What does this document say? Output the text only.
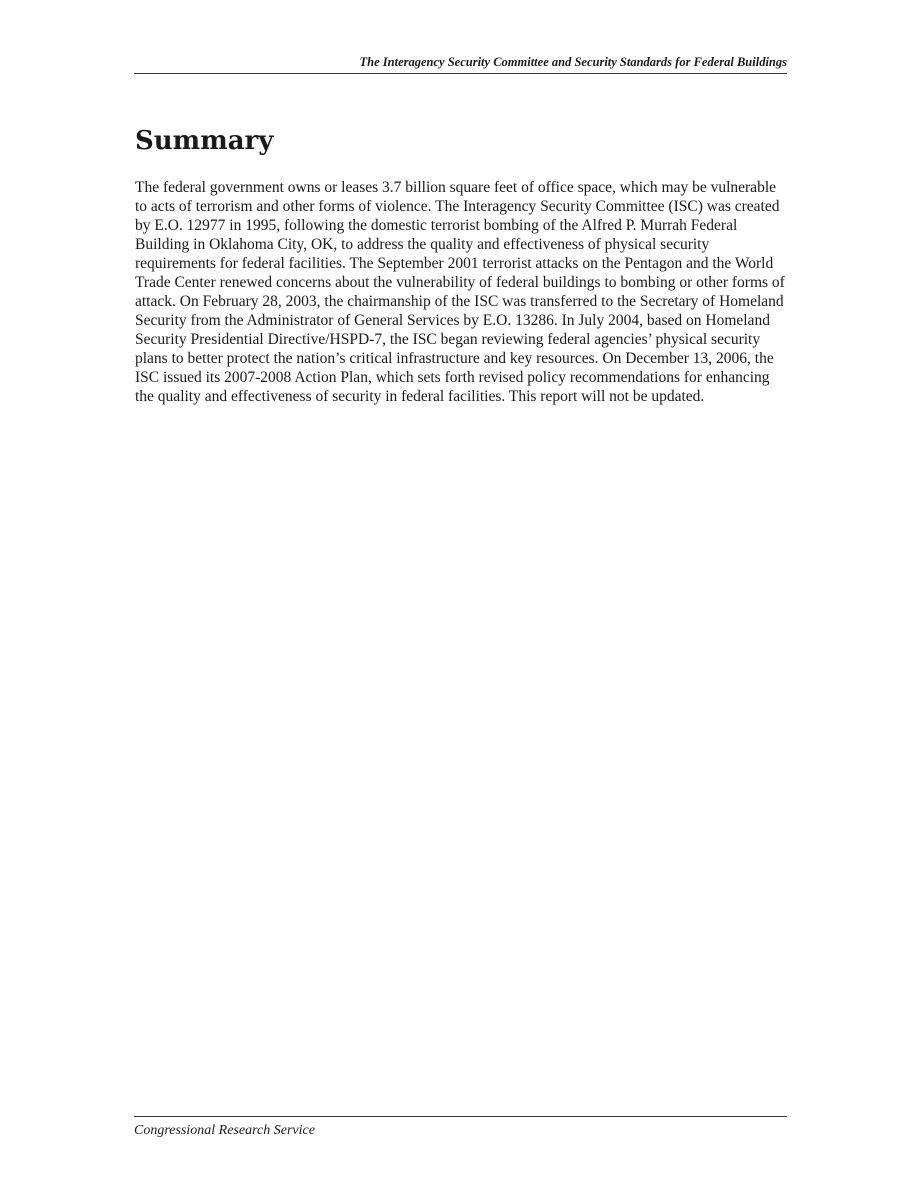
The Interagency Security Committee and Security Standards for Federal Buildings
Summary

The federal government owns or leases 3.7 billion square feet of office space, which may be vulnerable to acts of terrorism and other forms of violence. The Interagency Security Committee (ISC) was created by E.O. 12977 in 1995, following the domestic terrorist bombing of the Alfred P. Murrah Federal Building in Oklahoma City, OK, to address the quality and effectiveness of physical security requirements for federal facilities. The September 2001 terrorist attacks on the Pentagon and the World Trade Center renewed concerns about the vulnerability of federal buildings to bombing or other forms of attack. On February 28, 2003, the chairmanship of the ISC was transferred to the Secretary of Homeland Security from the Administrator of General Services by E.O. 13286. In July 2004, based on Homeland Security Presidential Directive/HSPD-7, the ISC began reviewing federal agencies’ physical security plans to better protect the nation’s critical infrastructure and key resources. On December 13, 2006, the ISC issued its 2007-2008 Action Plan, which sets forth revised policy recommendations for enhancing the quality and effectiveness of security in federal facilities. This report will not be updated.

Congressional Research Service
